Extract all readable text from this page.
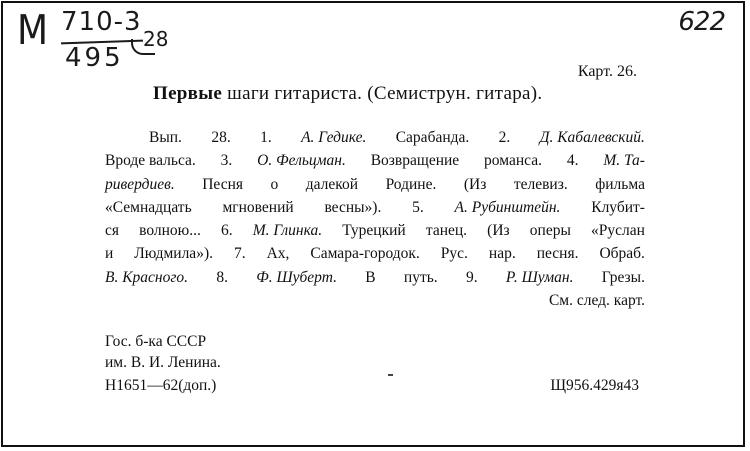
М 710-3
495
28
622
Карт. 26.
Первые шаги гитариста. (Семиструн. гитара).
Вып. 28. 1. А. Гедике. Сарабанда. 2. Д. Кабалевский.
Вроде вальса. 3. О. Фельцман. Возвращение романса. 4. М. Та-
ривердиев. Песня о далекой Родине. (Из телевиз. фильма
«Семнадцать мгновений весны»). 5. А. Рубинштейн. Клубит-
ся волною... 6. М. Глинка. Турецкий танец. (Из оперы «Руслан
и Людмила»). 7. Ах, Самара-городок. Рус. нар. песня. Обраб.
В. Красного. 8. Ф. Шуберт. В путь. 9. Р. Шуман. Грезы.
См. след. карт.
Гос. б-ка СССР
им. В. И. Ленина.
Н1651—62(доп.)	Щ956.429я43
